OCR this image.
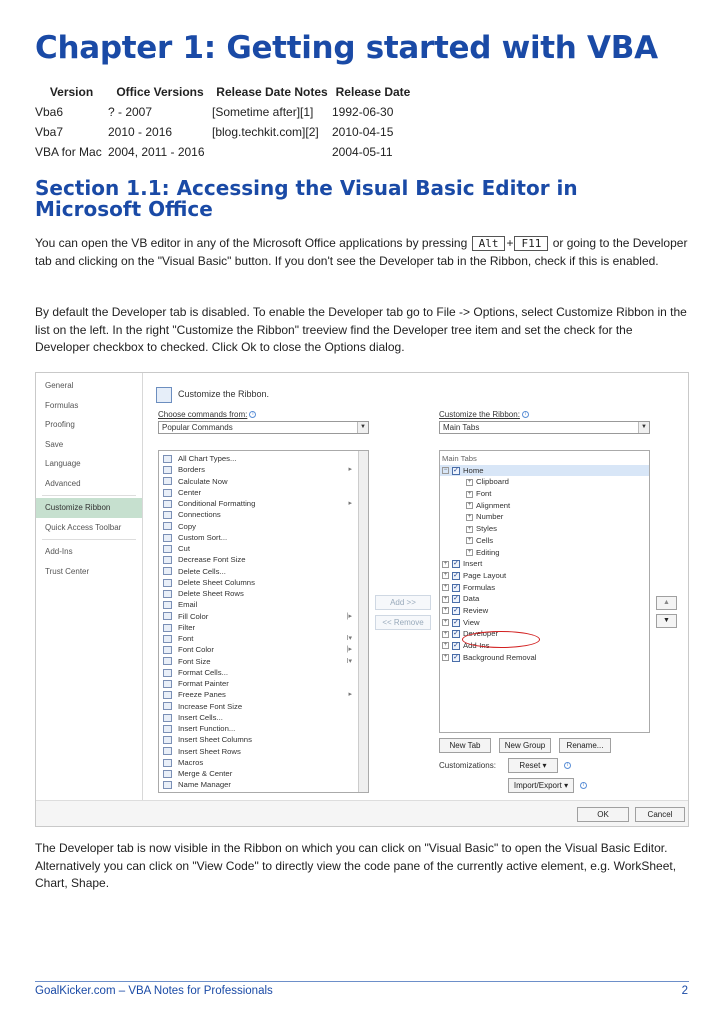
Chapter 1: Getting started with VBA
Version	Office Versions	Release Date Notes	Release Date
Vba6	? - 2007	[Sometime after][1]	1992-06-30
Vba7	2010 - 2016	[blog.techkit.com][2]	2010-04-15
VBA for Mac	2004, 2011 - 2016		2004-05-11
Section 1.1: Accessing the Visual Basic Editor in Microsoft Office

You can open the VB editor in any of the Microsoft Office applications by pressing Alt + F11 or going to the Developer tab and clicking on the "Visual Basic" button. If you don't see the Developer tab in the Ribbon, check if this is enabled.

By default the Developer tab is disabled. To enable the Developer tab go to File -> Options, select Customize Ribbon in the list on the left. In the right "Customize the Ribbon" treeview find the Developer tree item and set the check for the Developer checkbox to checked. Click Ok to close the Options dialog.

General
Formulas
Proofing
Save
Language
Advanced
Customize Ribbon
Quick Access Toolbar
Add-Ins
Trust Center
Customize the Ribbon.
Choose commands from: i
Popular Commands	▼
Customize the Ribbon: i
Main Tabs	▼
All Chart Types...
Borders	▸
Calculate Now
Center
Conditional Formatting	▸
Connections
Copy
Custom Sort...
Cut
Decrease Font Size
Delete Cells...
Delete Sheet Columns
Delete Sheet Rows
Email
Fill Color	|▸
Filter
Font	I▾
Font Color	|▸
Font Size	I▾
Format Cells...
Format Painter
Freeze Panes	▸
Increase Font Size
Insert Cells...
Insert Function...
Insert Sheet Columns
Insert Sheet Rows
Macros
Merge & Center
Name Manager
Add >>
<< Remove
Main Tabs
− ✓ Home
+ Clipboard
+ Font
+ Alignment
+ Number
+ Styles
+ Cells
+ Editing
+ ✓ Insert
+ ✓ Page Layout
+ ✓ Formulas
+ ✓ Data
+ ✓ Review
+ ✓ View
+ ✓ Developer
+ ✓ Add-Ins
+ ✓ Background Removal
▲
▼
New Tab	New Group	Rename...
Customizations:	Reset ▾	i
Import/Export ▾	i
OK	Cancel

The Developer tab is now visible in the Ribbon on which you can click on "Visual Basic" to open the Visual Basic Editor. Alternatively you can click on "View Code" to directly view the code pane of the currently active element, e.g. WorkSheet, Chart, Shape.

GoalKicker.com – VBA Notes for Professionals	2
